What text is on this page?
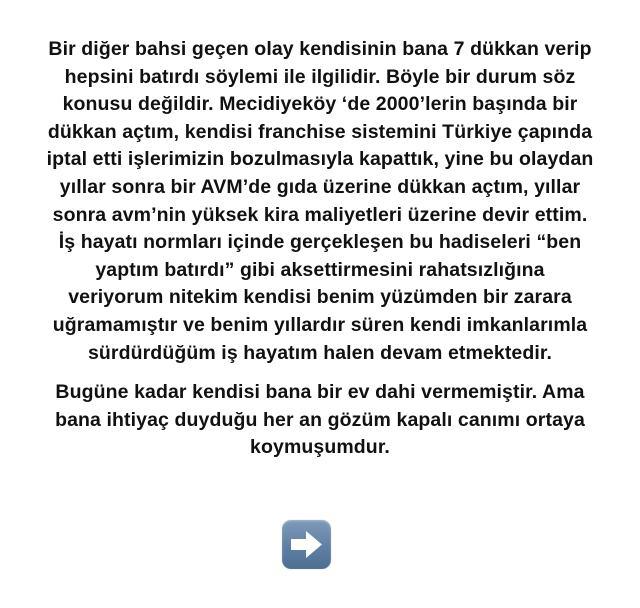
Bir diğer bahsi geçen olay kendisinin bana 7 dükkan verip
hepsini batırdı söylemi ile ilgilidir. Böyle bir durum söz
konusu değildir. Mecidiyeköy ‘de 2000’lerin başında bir
dükkan açtım, kendisi franchise sistemini Türkiye çapında
iptal etti işlerimizin bozulmasıyla kapattık, yine bu olaydan
yıllar sonra bir AVM’de gıda üzerine dükkan açtım, yıllar
sonra avm’nin yüksek kira maliyetleri üzerine devir ettim.
İş hayatı normları içinde gerçekleşen bu hadiseleri “ben
yaptım batırdı” gibi aksettirmesini rahatsızlığına
veriyorum nitekim kendisi benim yüzümden bir zarara
uğramamıştır ve benim yıllardır süren kendi imkanlarımla
sürdürdüğüm iş hayatım halen devam etmektedir.
Bugüne kadar kendisi bana bir ev dahi vermemiştir. Ama
bana ihtiyaç duyduğu her an gözüm kapalı canımı ortaya
koymuşumdur.
